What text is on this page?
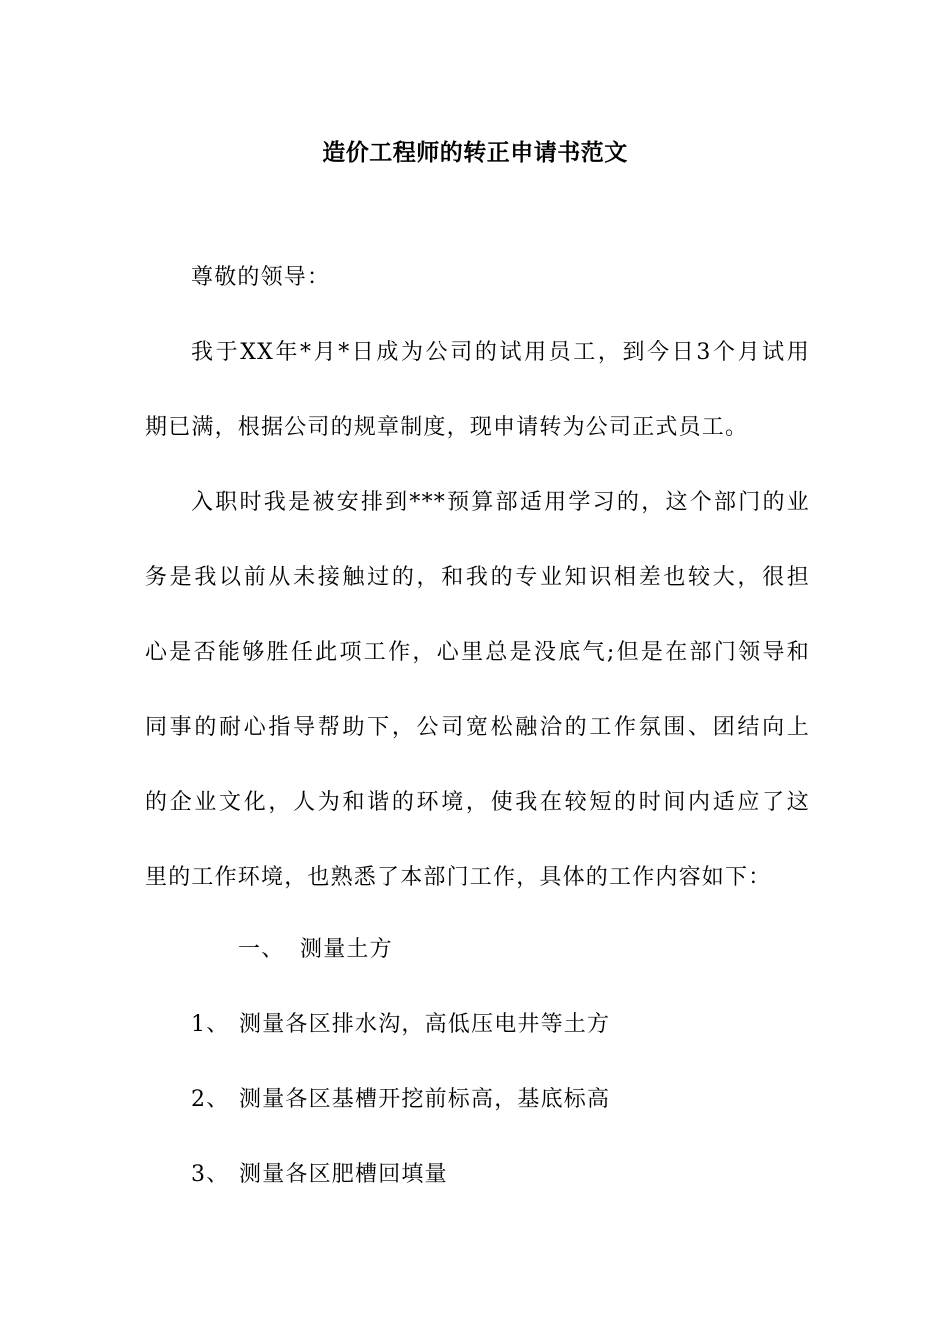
造价工程师的转正申请书范文
尊敬的领导：
我于XX年*月*日成为公司的试用员工，到今日3个月试用
期已满，根据公司的规章制度，现申请转为公司正式员工。
入职时我是被安排到***预算部适用学习的，这个部门的业
务是我以前从未接触过的，和我的专业知识相差也较大，很担
心是否能够胜任此项工作，心里总是没底气;但是在部门领导和
同事的耐心指导帮助下，公司宽松融洽的工作氛围、团结向上
的企业文化，人为和谐的环境，使我在较短的时间内适应了这
里的工作环境，也熟悉了本部门工作，具体的工作内容如下：
一、 测量土方
1、 测量各区排水沟，高低压电井等土方
2、 测量各区基槽开挖前标高，基底标高
3、 测量各区肥槽回填量
